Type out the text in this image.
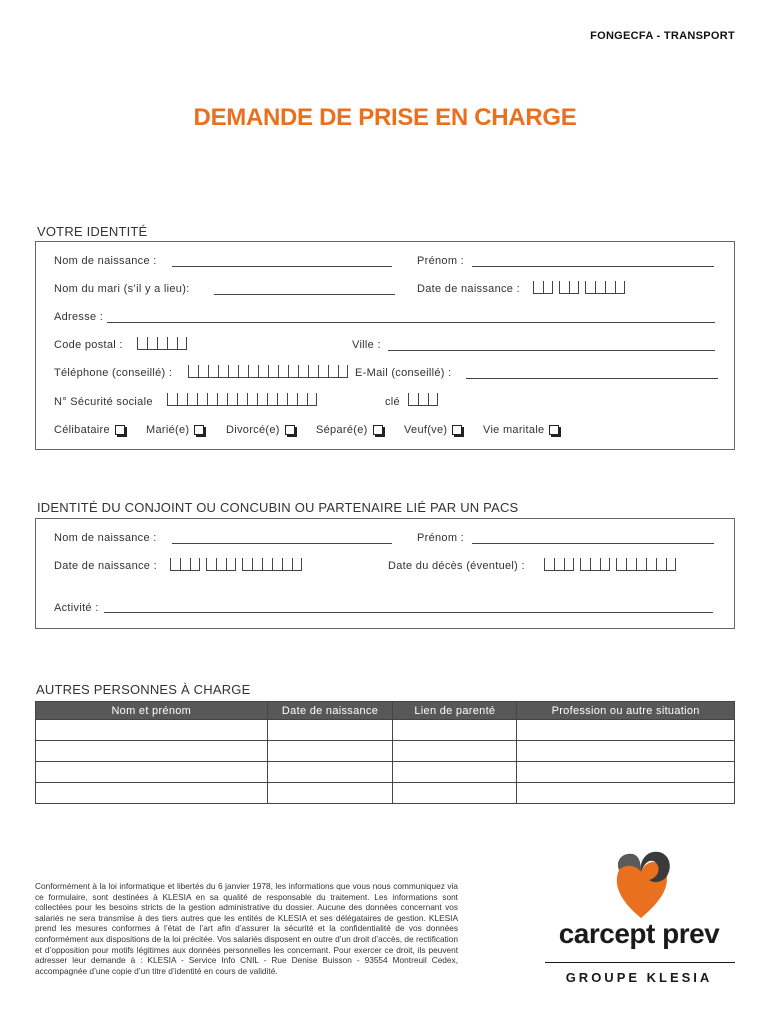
FONGECFA - TRANSPORT
DEMANDE DE PRISE EN CHARGE
VOTRE IDENTITÉ
Nom de naissance :	Prénom :
Nom du mari (s’il y a lieu):	Date de naissance :
Adresse :
Code postal :	Ville :
Téléphone (conseillé) :	E-Mail (conseillé) :
N° Sécurité sociale	clé
Célibataire	Marié(e)	Divorcé(e)	Séparé(e)	Veuf(ve)	Vie maritale
IDENTITÉ DU CONJOINT OU CONCUBIN OU PARTENAIRE LIÉ PAR UN PACS
Nom de naissance :	Prénom :
Date de naissance :	Date du décès (éventuel) :
Activité :
AUTRES PERSONNES À CHARGE
Nom et prénom	Date de naissance	Lien de parenté	Profession ou autre situation

Conformément à la loi informatique et libertés du 6 janvier 1978, les informations que vous nous communiquez via ce formulaire, sont destinées à KLESIA en sa qualité de responsable du traitement. Les informations sont collectées pour les besoins stricts de la gestion administrative du dossier. Aucune des données concernant vos salariés ne sera transmise à des tiers autres que les entités de KLESIA et ses délégataires de gestion. KLESIA prend les mesures conformes à l’état de l’art afin d’assurer la sécurité et la confidentialité de vos données conformément aux dispositions de la loi précitée. Vos salariés disposent en outre d’un droit d’accès, de rectification et d’opposition pour motifs légitimes aux données personnelles les concernant. Pour exercer ce droit, ils peuvent adresser leur demande à : KLESIA - Service Info CNIL - Rue Denise Buisson - 93554 Montreuil Cedex, accompagnée d’une copie d’un titre d’identité en cours de validité.
carcept prev
GROUPE KLESIA
